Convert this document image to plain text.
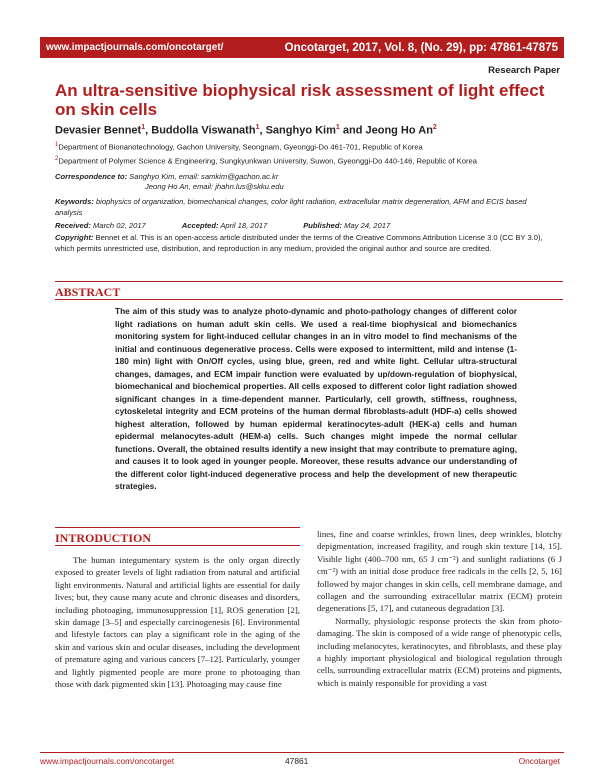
www.impactjournals.com/oncotarget/	Oncotarget, 2017, Vol. 8, (No. 29), pp: 47861-47875
Research Paper
An ultra-sensitive biophysical risk assessment of light effect on skin cells
Devasier Bennet$^1$, Buddolla Viswanath$^1$, Sanghyo Kim$^1$ and Jeong Ho An$^2$
$^1$Department of Bionanotechnology, Gachon University, Seongnam, Gyeonggi-Do 461-701, Republic of Korea
$^2$Department of Polymer Science & Engineering, Sungkyunkwan University, Suwon, Gyeonggi-Do 440-146, Republic of Korea
Correspondence to: Sanghyo Kim, email: samkim@gachon.ac.kr
Jeong Ho An, email: jhahn.lus@skku.edu
Keywords: biophysics of organization, biomechanical changes, color light radiation, extracellular matrix degeneration, AFM and ECIS based analysis
Received: March 02, 2017	Accepted: April 18, 2017	Published: May 24, 2017
Copyright: Bennet et al. This is an open-access article distributed under the terms of the Creative Commons Attribution License 3.0 (CC BY 3.0), which permits unrestricted use, distribution, and reproduction in any medium, provided the original author and source are credited.
ABSTRACT
The aim of this study was to analyze photo-dynamic and photo-pathology changes of different color light radiations on human adult skin cells. We used a real-time biophysical and biomechanics monitoring system for light-induced cellular changes in an in vitro model to find mechanisms of the initial and continuous degenerative process. Cells were exposed to intermittent, mild and intense (1-180 min) light with On/Off cycles, using blue, green, red and white light. Cellular ultra-structural changes, damages, and ECM impair function were evaluated by up/down-regulation of biophysical, biomechanical and biochemical properties. All cells exposed to different color light radiation showed significant changes in a time-dependent manner. Particularly, cell growth, stiffness, roughness, cytoskeletal integrity and ECM proteins of the human dermal fibroblasts-adult (HDF-a) cells showed highest alteration, followed by human epidermal keratinocytes-adult (HEK-a) cells and human epidermal melanocytes-adult (HEM-a) cells. Such changes might impede the normal cellular functions. Overall, the obtained results identify a new insight that may contribute to premature aging, and causes it to look aged in younger people. Moreover, these results advance our understanding of the different color light-induced degenerative process and help the development of new therapeutic strategies.
INTRODUCTION
The human integumentary system is the only organ directly exposed to greater levels of light radiation from natural and artificial light environments. Natural and artificial lights are essential for daily lives; but, they cause many acute and chronic diseases and disorders, including photoaging, immunosuppression [1], ROS generation [2], skin damage [3–5] and especially carcinogenesis [6]. Environmental and lifestyle factors can play a significant role in the aging of the skin and various skin and ocular diseases, including the development of premature aging and various cancers [7–12]. Particularly, younger and lightly pigmented people are more prone to photoaging than those with dark pigmented skin [13]. Photoaging may cause fine

lines, fine and coarse wrinkles, frown lines, deep wrinkles, blotchy depigmentation, increased fragility, and rough skin texture [14, 15]. Visible light (400–700 nm, 65 J cm⁻²) and sunlight radiations (6 J cm⁻²) with an initial dose produce free radicals in the cells [2, 5, 16] followed by major changes in skin cells, cell membrane damage, and collagen and the surrounding extracellular matrix (ECM) protein degenerations [5, 17], and cutaneous degradation [3].

Normally, physiologic response protects the skin from photo-damaging. The skin is composed of a wide range of phenotypic cells, including melanocytes, keratinocytes, and fibroblasts, and these play a highly important physiological and biological regulation through cells, surrounding extracellular matrix (ECM) proteins and pigments, which is mainly responsible for providing a vast

www.impactjournals.com/oncotarget	47861	Oncotarget
